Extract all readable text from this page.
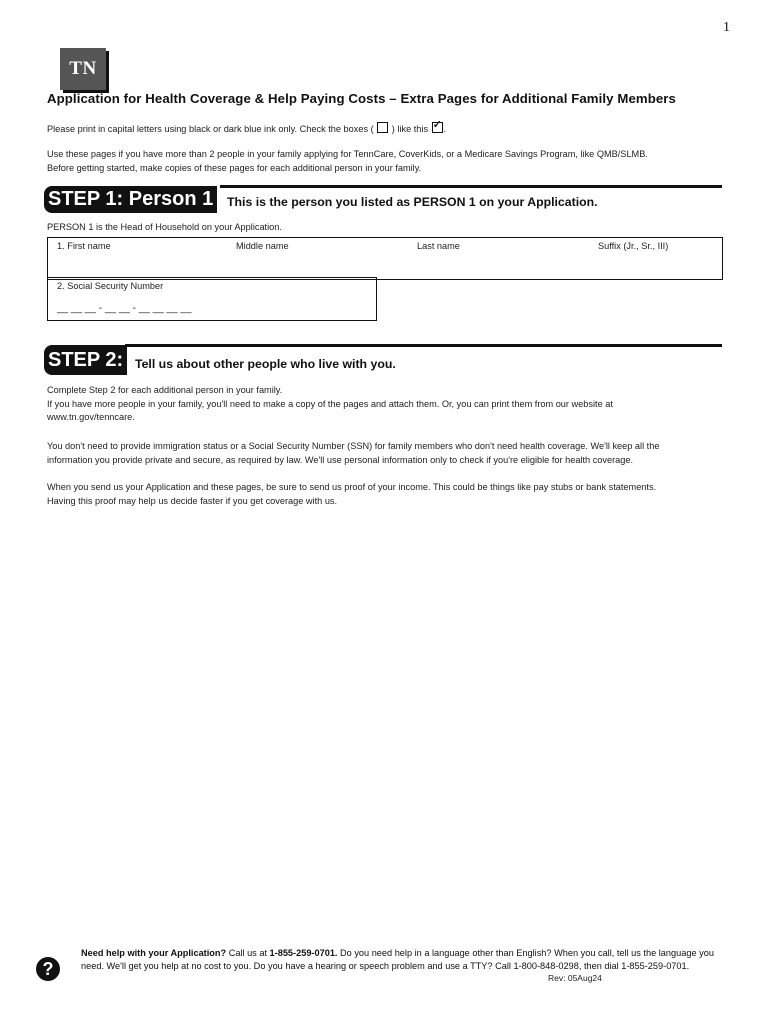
1
TN
Application for Health Coverage & Help Paying Costs – Extra Pages for Additional Family Members
Please print in capital letters using black or dark blue ink only. Check the boxes ( ) like this ✓ .
Use these pages if you have more than 2 people in your family applying for TennCare, CoverKids, or a Medicare Savings Program, like QMB/SLMB.
Before getting started, make copies of these pages for each additional person in your family.
STEP 1: Person 1	This is the person you listed as PERSON 1 on your Application.
PERSON 1 is the Head of Household on your Application.
1. First name	Middle name	Last name	Suffix (Jr., Sr., III)
2. Social Security Number
__ __ __ - __ __ - __ __ __ __
STEP 2: Tell us about other people who live with you.
Complete Step 2 for each additional person in your family.
If you have more people in your family, you'll need to make a copy of the pages and attach them. Or, you can print them from our website at
www.tn.gov/tenncare.
You don't need to provide immigration status or a Social Security Number (SSN) for family members who don't need health coverage. We'll keep all the
information you provide private and secure, as required by law. We'll use personal information only to check if you're eligible for health coverage.
When you send us your Application and these pages, be sure to send us proof of your income. This could be things like pay stubs or bank statements.
Having this proof may help us decide faster if you get coverage with us.
?
Need help with your Application? Call us at 1-855-259-0701. Do you need help in a language other than English? When you call, tell us the language you need. We'll get you help at no cost to you. Do you have a hearing or speech problem and use a TTY? Call 1-800-848-0298, then dial 1-855-259-0701.
Rev: 05Aug24
